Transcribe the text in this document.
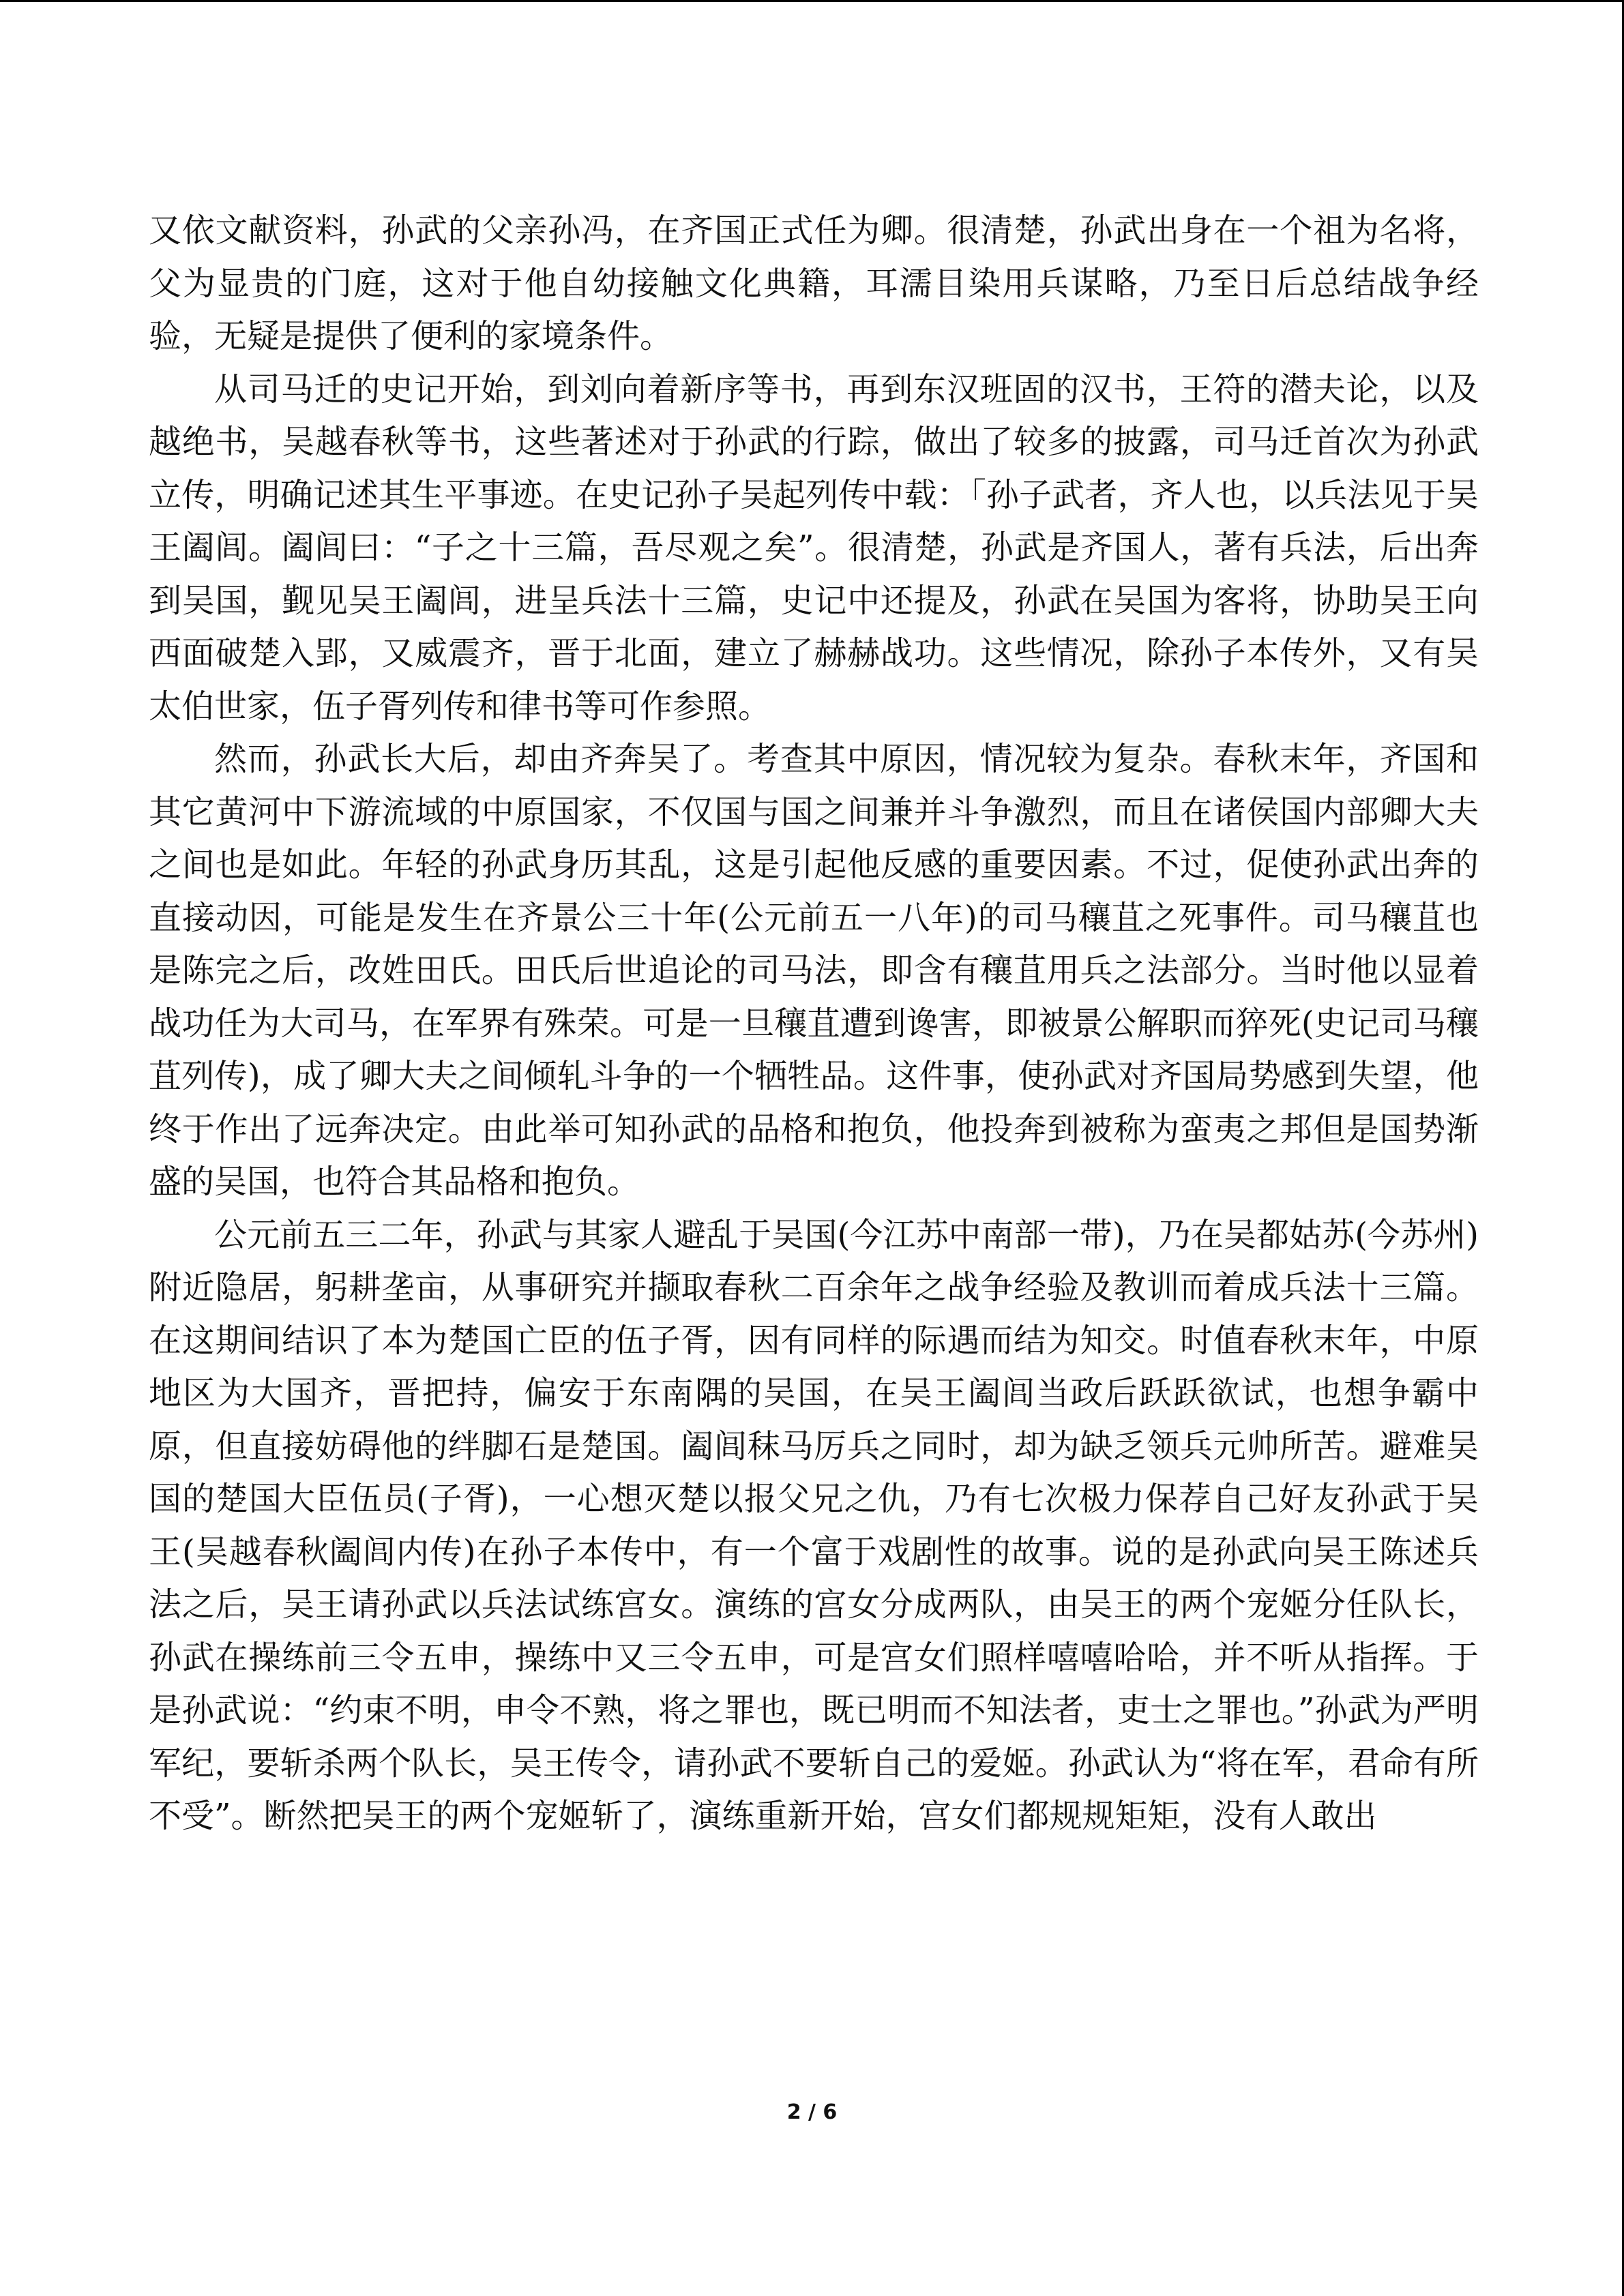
又依文献资料，孙武的父亲孙冯，在齐国正式任为卿。很清楚，孙武出身在一个祖为名将，父为显贵的门庭，这对于他自幼接触文化典籍，耳濡目染用兵谋略，乃至日后总结战争经验，无疑是提供了便利的家境条件。

从司马迁的史记开始，到刘向着新序等书，再到东汉班固的汉书，王符的潜夫论，以及越绝书，吴越春秋等书，这些著述对于孙武的行踪，做出了较多的披露，司马迁首次为孙武立传，明确记述其生平事迹。在史记孙子吴起列传中载：「孙子武者，齐人也，以兵法见于吴王阖闾。阖闾曰：“子之十三篇，吾尽观之矣”。很清楚，孙武是齐国人，著有兵法，后出奔到吴国，觐见吴王阖闾，进呈兵法十三篇，史记中还提及，孙武在吴国为客将，协助吴王向西面破楚入郢，又威震齐，晋于北面，建立了赫赫战功。这些情况，除孙子本传外，又有吴太伯世家，伍子胥列传和律书等可作参照。

然而，孙武长大后，却由齐奔吴了。考查其中原因，情况较为复杂。春秋末年，齐国和其它黄河中下游流域的中原国家，不仅国与国之间兼并斗争激烈，而且在诸侯国内部卿大夫之间也是如此。年轻的孙武身历其乱，这是引起他反感的重要因素。不过，促使孙武出奔的直接动因，可能是发生在齐景公三十年(公元前五一八年)的司马穰苴之死事件。司马穰苴也是陈完之后，改姓田氏。田氏后世追论的司马法，即含有穰苴用兵之法部分。当时他以显着战功任为大司马，在军界有殊荣。可是一旦穰苴遭到谗害，即被景公解职而猝死(史记司马穰苴列传)，成了卿大夫之间倾轧斗争的一个牺牲品。这件事，使孙武对齐国局势感到失望，他终于作出了远奔决定。由此举可知孙武的品格和抱负，他投奔到被称为蛮夷之邦但是国势渐盛的吴国，也符合其品格和抱负。

公元前五三二年，孙武与其家人避乱于吴国(今江苏中南部一带)，乃在吴都姑苏(今苏州)附近隐居，躬耕垄亩，从事研究并撷取春秋二百余年之战争经验及教训而着成兵法十三篇。在这期间结识了本为楚国亡臣的伍子胥，因有同样的际遇而结为知交。时值春秋末年，中原地区为大国齐，晋把持，偏安于东南隅的吴国，在吴王阖闾当政后跃跃欲试，也想争霸中原，但直接妨碍他的绊脚石是楚国。阖闾秣马厉兵之同时，却为缺乏领兵元帅所苦。避难吴国的楚国大臣伍员(子胥)，一心想灭楚以报父兄之仇，乃有七次极力保荐自己好友孙武于吴王(吴越春秋阖闾内传)在孙子本传中，有一个富于戏剧性的故事。说的是孙武向吴王陈述兵法之后，吴王请孙武以兵法试练宫女。演练的宫女分成两队，由吴王的两个宠姬分任队长，孙武在操练前三令五申，操练中又三令五申，可是宫女们照样嘻嘻哈哈，并不听从指挥。于是孙武说：“约束不明，申令不熟，将之罪也，既已明而不知法者，吏士之罪也。”孙武为严明军纪，要斩杀两个队长，吴王传令，请孙武不要斩自己的爱姬。孙武认为“将在军，君命有所不受”。断然把吴王的两个宠姬斩了，演练重新开始，宫女们都规规矩矩，没有人敢出

2 / 6
